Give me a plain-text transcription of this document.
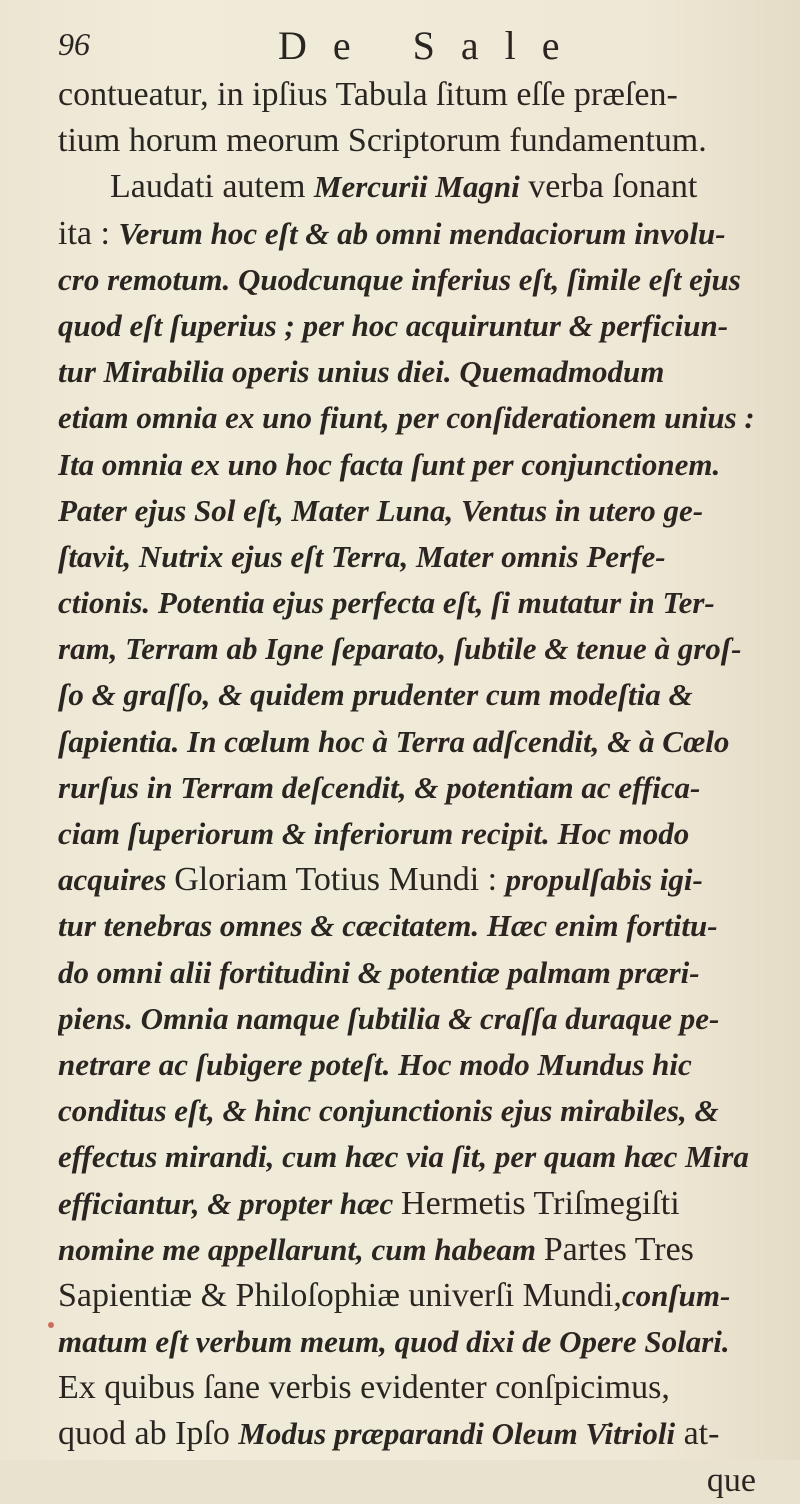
96	De Sale
contueatur, in ipſius Tabula ſitum eſſe præſen-
tium horum meorum Scriptorum fundamentum.
Laudati autem Mercurii Magni verba ſonant
ita : Verum hoc eſt & ab omni mendaciorum involu-
cro remotum. Quodcunque inferius eſt, ſimile eſt ejus
quod eſt ſuperius ; per hoc acquiruntur & perficiun-
tur Mirabilia operis unius diei. Quemadmodum
etiam omnia ex uno fiunt, per conſiderationem unius :
Ita omnia ex uno hoc facta ſunt per conjunctionem.
Pater ejus Sol eſt, Mater Luna, Ventus in utero ge-
ſtavit, Nutrix ejus eſt Terra, Mater omnis Perfe-
ctionis. Potentia ejus perfecta eſt, ſi mutatur in Ter-
ram, Terram ab Igne ſeparato, ſubtile & tenue à groſ-
ſo & graſſo, & quidem prudenter cum modeſtia &
ſapientia. In cœlum hoc à Terra adſcendit, & à Cœlo
rurſus in Terram deſcendit, & potentiam ac effica-
ciam ſuperiorum & inferiorum recipit. Hoc modo
acquires Gloriam Totius Mundi : propulſabis igi-
tur tenebras omnes & cæcitatem. Hæc enim fortitu-
do omni alii fortitudini & potentiæ palmam præri-
piens. Omnia namque ſubtilia & craſſa duraque pe-
netrare ac ſubigere poteſt. Hoc modo Mundus hic
conditus eſt, & hinc conjunctionis ejus mirabiles, &
effectus mirandi, cum hæc via ſit, per quam hæc Mira
efficiantur, & propter hæc Hermetis Triſmegiſti
nomine me appellarunt, cum habeam Partes Tres
Sapientiæ & Philoſophiæ univerſi Mundi,conſum-
matum eſt verbum meum, quod dixi de Opere Solari.
Ex quibus ſane verbis evidenter conſpicimus,
quod ab Ipſo Modus præparandi Oleum Vitrioli at-
que
